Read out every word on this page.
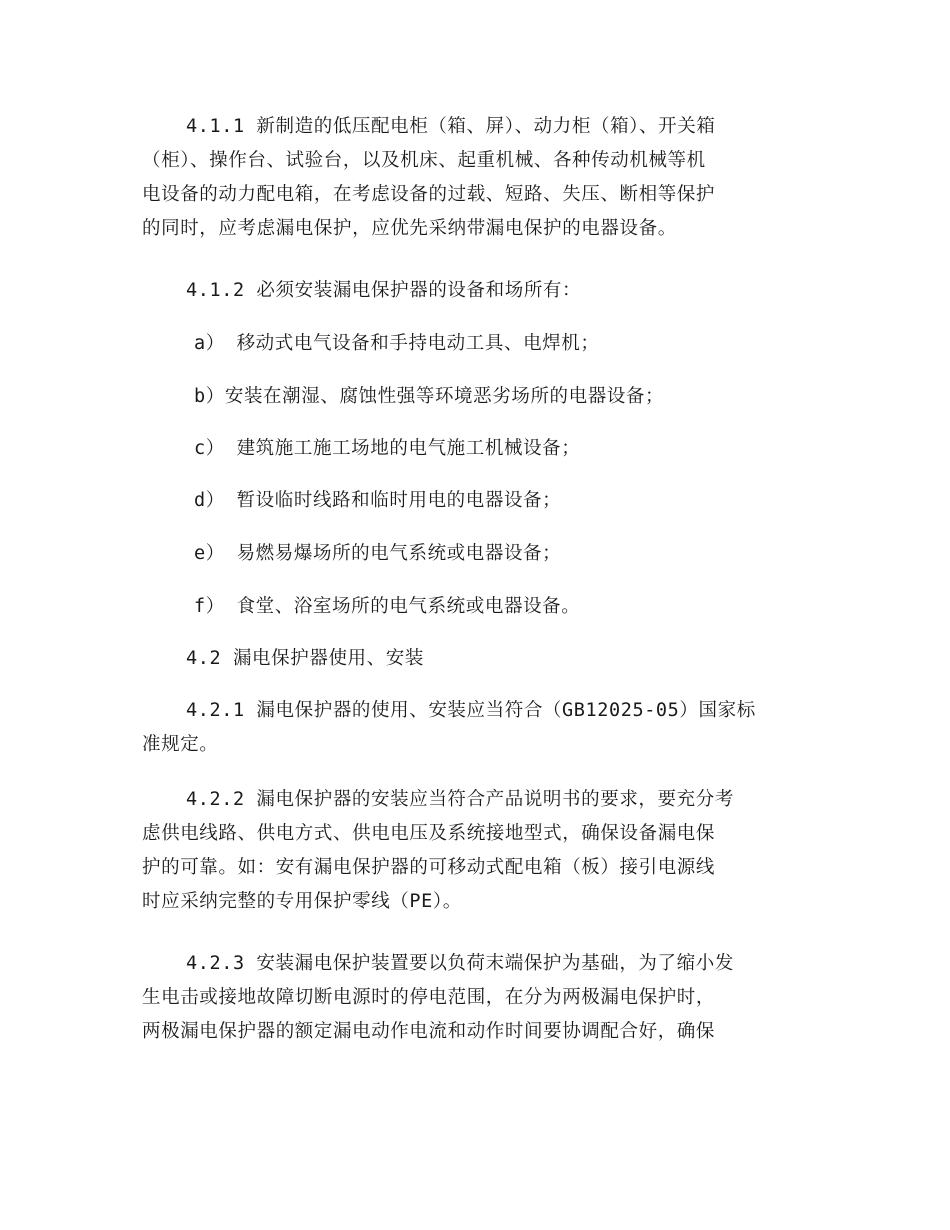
4.1.1 新制造的低压配电柜（箱、屏）、动力柜（箱）、开关箱
（柜）、操作台、试验台，以及机床、起重机械、各种传动机械等机
电设备的动力配电箱，在考虑设备的过载、短路、失压、断相等保护
的同时，应考虑漏电保护，应优先采纳带漏电保护的电器设备。

4.1.2 必须安装漏电保护器的设备和场所有：

a） 移动式电气设备和手持电动工具、电焊机；

b）安装在潮湿、腐蚀性强等环境恶劣场所的电器设备；

c） 建筑施工施工场地的电气施工机械设备；

d） 暂设临时线路和临时用电的电器设备；

e） 易燃易爆场所的电气系统或电器设备；

f） 食堂、浴室场所的电气系统或电器设备。

4.2 漏电保护器使用、安装

4.2.1 漏电保护器的使用、安装应当符合（GB12025-05）国家标
准规定。

4.2.2 漏电保护器的安装应当符合产品说明书的要求，要充分考
虑供电线路、供电方式、供电电压及系统接地型式，确保设备漏电保
护的可靠。如：安有漏电保护器的可移动式配电箱（板）接引电源线
时应采纳完整的专用保护零线（PE）。

4.2.3 安装漏电保护装置要以负荷末端保护为基础，为了缩小发
生电击或接地故障切断电源时的停电范围，在分为两极漏电保护时，
两极漏电保护器的额定漏电动作电流和动作时间要协调配合好，确保
